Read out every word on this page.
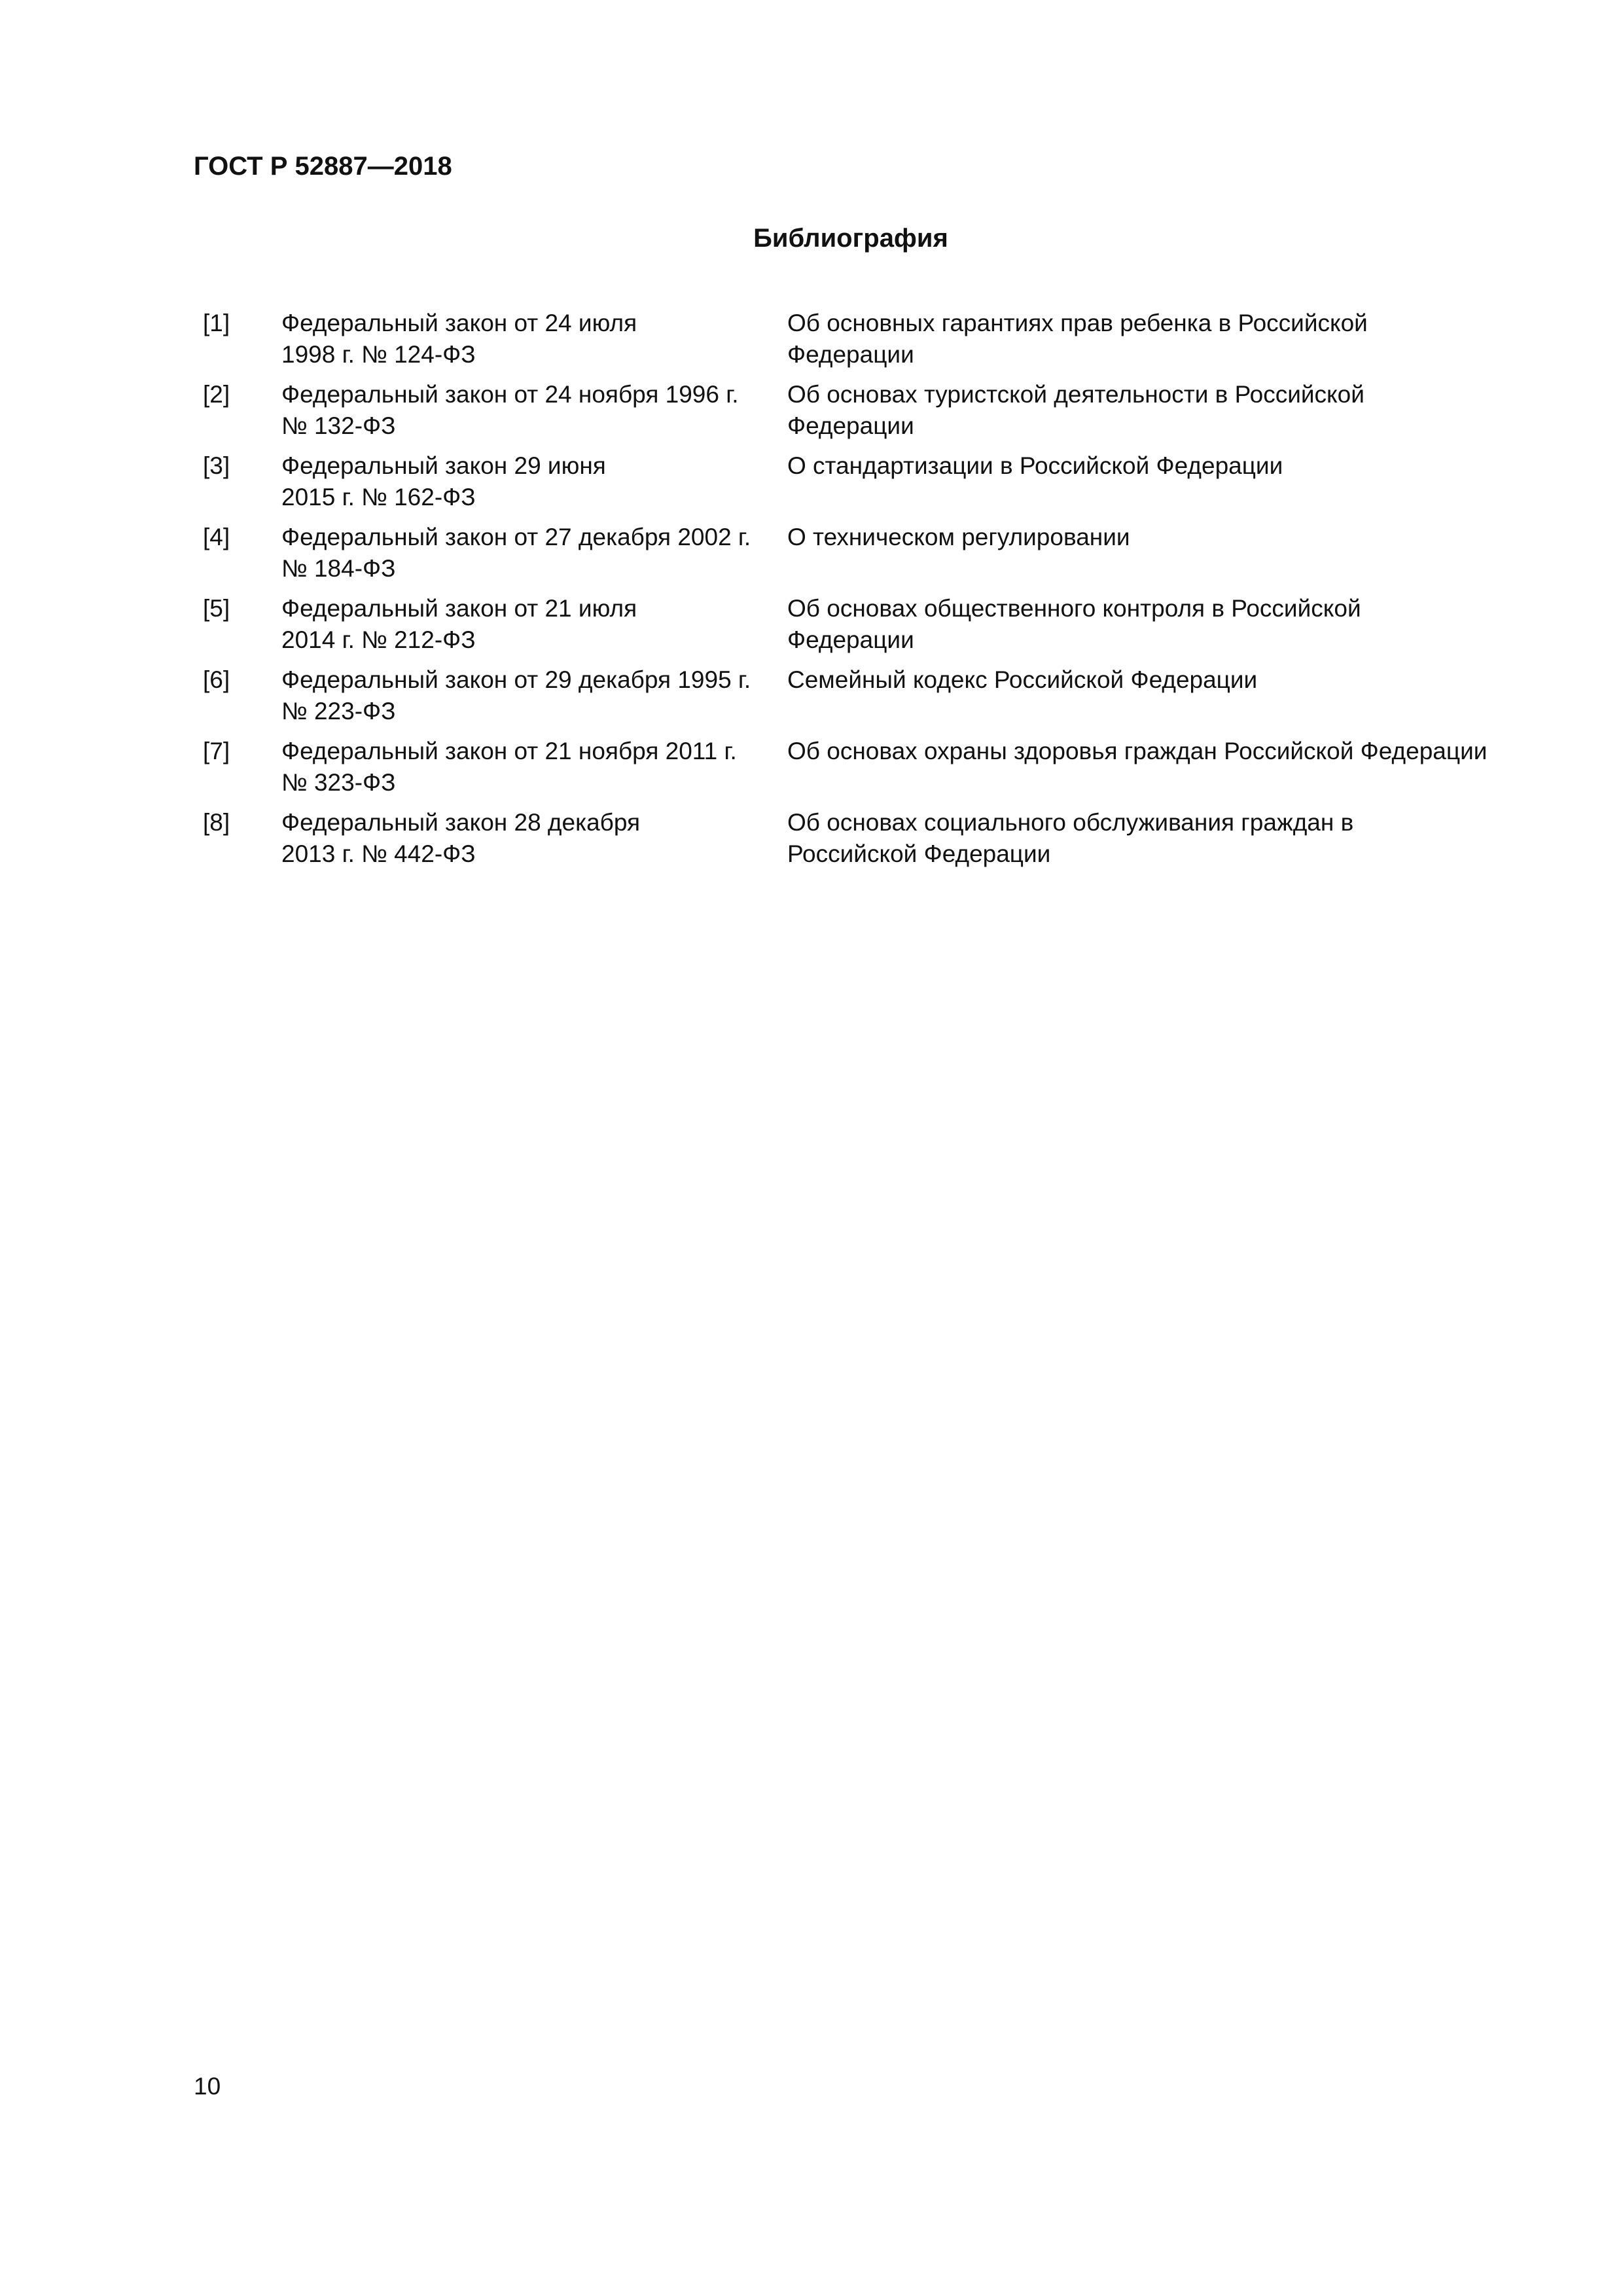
ГОСТ Р 52887—2018
Библиография
[1] Федеральный закон от 24 июля
1998 г. № 124-ФЗ
Об основных гарантиях прав ребенка в Российской
Федерации
[2] Федеральный закон от 24 ноября 1996 г.
№ 132-ФЗ
Об основах туристской деятельности в Российской
Федерации
[3] Федеральный закон 29 июня
2015 г. № 162-ФЗ
О стандартизации в Российской Федерации
[4] Федеральный закон от 27 декабря 2002 г.
№ 184-ФЗ
О техническом регулировании
[5] Федеральный закон от 21 июля
2014 г. № 212-ФЗ
Об основах общественного контроля в Российской
Федерации
[6] Федеральный закон от 29 декабря 1995 г.
№ 223-ФЗ
Семейный кодекс Российской Федерации
[7] Федеральный закон от 21 ноября 2011 г.
№ 323-ФЗ
Об основах охраны здоровья граждан Российской Федерации
[8] Федеральный закон 28 декабря
2013 г. № 442-ФЗ
Об основах социального обслуживания граждан в
Российской Федерации
10
